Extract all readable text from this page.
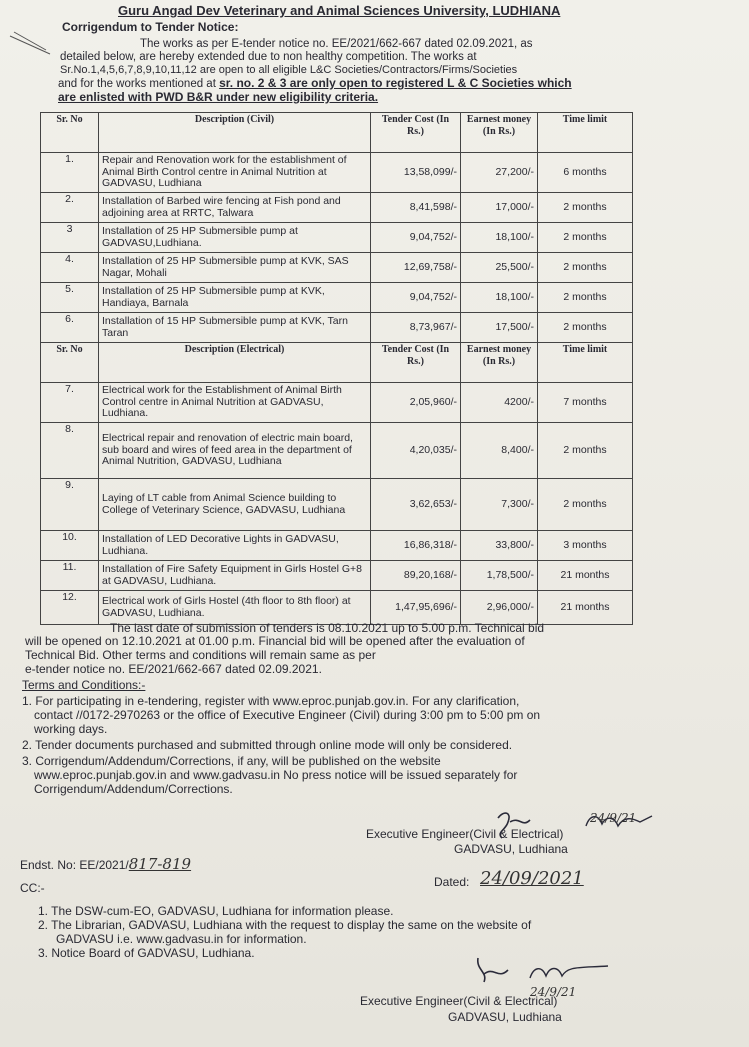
Guru Angad Dev Veterinary and Animal Sciences University, LUDHIANA
Corrigendum to Tender Notice:
The works as per E-tender notice no. EE/2021/662-667 dated 02.09.2021, as
detailed below, are hereby extended due to non healthy competition. The works at
Sr.No.1,4,5,6,7,8,9,10,11,12 are open to all eligible L&C Societies/Contractors/Firms/Societies
and for the works mentioned at sr. no. 2 & 3 are only open to registered L & C Societies which
are enlisted with PWD B&R under new eligibility criteria.
Sr. No	Description (Civil)	Tender Cost (In Rs.)	Earnest money (In Rs.)	Time limit
1.	Repair and Renovation work for the establishment of Animal Birth Control centre in Animal Nutrition at GADVASU, Ludhiana	13,58,099/-	27,200/-	6 months
2.	Installation of Barbed wire fencing at Fish pond and adjoining area at RRTC, Talwara	8,41,598/-	17,000/-	2 months
3	Installation of 25 HP Submersible pump at GADVASU,Ludhiana.	9,04,752/-	18,100/-	2 months
4.	Installation of 25 HP Submersible pump at KVK, SAS Nagar, Mohali	12,69,758/-	25,500/-	2 months
5.	Installation of 25 HP Submersible pump at KVK, Handiaya, Barnala	9,04,752/-	18,100/-	2 months
6.	Installation of 15 HP Submersible pump at KVK, Tarn Taran	8,73,967/-	17,500/-	2 months
Sr. No	Description (Electrical)	Tender Cost (In Rs.)	Earnest money (In Rs.)	Time limit
7.	Electrical work for the Establishment of Animal Birth Control centre in Animal Nutrition at GADVASU, Ludhiana.	2,05,960/-	4200/-	7 months
8.	Electrical repair and renovation of electric main board, sub board and wires of feed area in the department of Animal Nutrition, GADVASU, Ludhiana	4,20,035/-	8,400/-	2 months
9.	Laying of LT cable from Animal Science building to College of Veterinary Science, GADVASU, Ludhiana	3,62,653/-	7,300/-	2 months
10.	Installation of LED Decorative Lights in GADVASU, Ludhiana.	16,86,318/-	33,800/-	3 months
11.	Installation of Fire Safety Equipment in Girls Hostel G+8 at GADVASU, Ludhiana.	89,20,168/-	1,78,500/-	21 months
12.	Electrical work of Girls Hostel (4th floor to 8th floor) at GADVASU, Ludhiana.	1,47,95,696/-	2,96,000/-	21 months
The last date of submission of tenders is 08.10.2021 up to 5.00 p.m. Technical bid
will be opened on 12.10.2021 at 01.00 p.m. Financial bid will be opened after the evaluation of
Technical Bid. Other terms and conditions will remain same as per
e-tender notice no. EE/2021/662-667 dated 02.09.2021.
Terms and Conditions:-
1. For participating in e-tendering, register with www.eproc.punjab.gov.in. For any clarification,
contact //0172-2970263 or the office of Executive Engineer (Civil) during 3:00 pm to 5:00 pm on
working days.
2. Tender documents purchased and submitted through online mode will only be considered.
3. Corrigendum/Addendum/Corrections, if any, will be published on the website
www.eproc.punjab.gov.in and www.gadvasu.in No press notice will be issued separately for
Corrigendum/Addendum/Corrections.
24/9/21
Executive Engineer(Civil & Electrical)
GADVASU, Ludhiana
Endst. No: EE/2021/817-819
Dated: 24/09/2021
CC:-
1. The DSW-cum-EO, GADVASU, Ludhiana for information please.
2. The Librarian, GADVASU, Ludhiana with the request to display the same on the website of
GADVASU i.e. www.gadvasu.in for information.
3. Notice Board of GADVASU, Ludhiana.
24/9/21
Executive Engineer(Civil & Electrical)
GADVASU, Ludhiana
